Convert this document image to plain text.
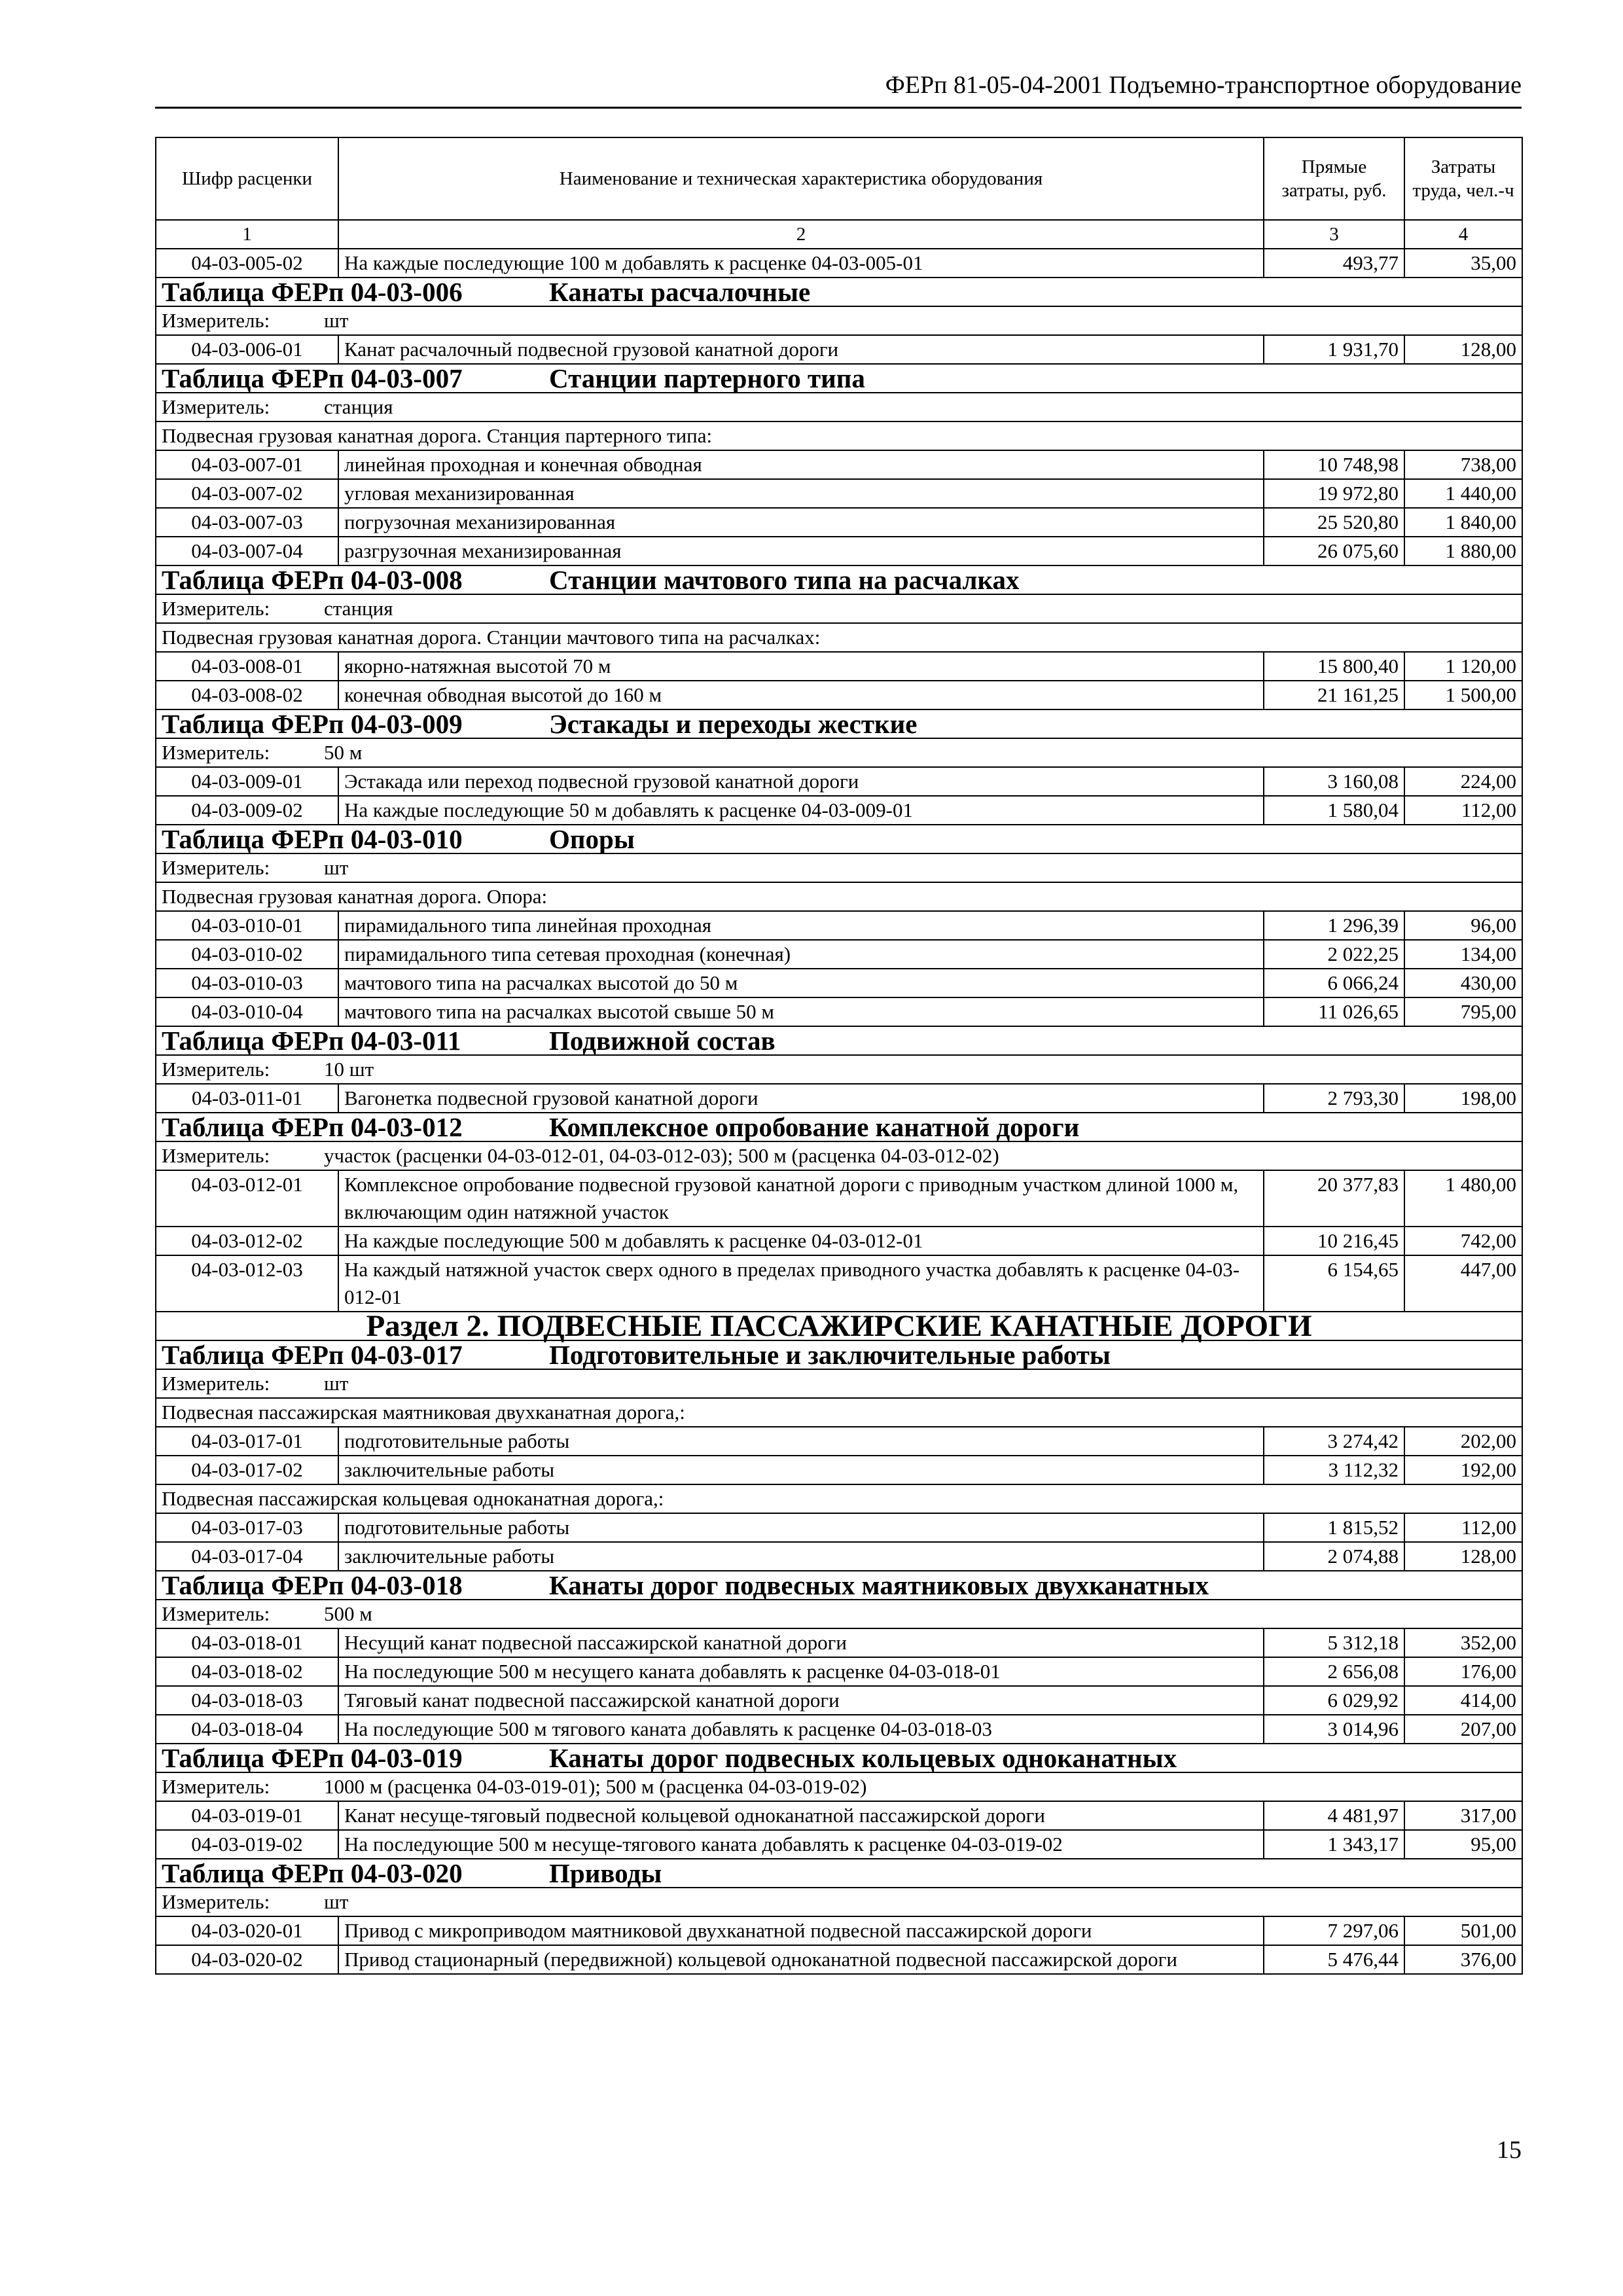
ФЕРп 81-05-04-2001 Подъемно-транспортное оборудование
Шифр расценки	Наименование и техническая характеристика оборудования	Прямые затраты, руб.	Затраты труда, чел.-ч
1	2	3	4
04-03-005-02	На каждые последующие 100 м добавлять к расценке 04-03-005-01	493,77	35,00
Таблица ФЕРп 04-03-006 Канаты расчалочные			
Измеритель: шт			
04-03-006-01	Канат расчалочный подвесной грузовой канатной дороги	1 931,70	128,00
Таблица ФЕРп 04-03-007 Станции партерного типа			
Измеритель: станция			
Подвесная грузовая канатная дорога. Станция партерного типа:			
04-03-007-01	линейная проходная и конечная обводная	10 748,98	738,00
04-03-007-02	угловая механизированная	19 972,80	1 440,00
04-03-007-03	погрузочная механизированная	25 520,80	1 840,00
04-03-007-04	разгрузочная механизированная	26 075,60	1 880,00
Таблица ФЕРп 04-03-008 Станции мачтового типа на расчалках			
Измеритель: станция			
Подвесная грузовая канатная дорога. Станции мачтового типа на расчалках:			
04-03-008-01	якорно-натяжная высотой 70 м	15 800,40	1 120,00
04-03-008-02	конечная обводная высотой до 160 м	21 161,25	1 500,00
Таблица ФЕРп 04-03-009 Эстакады и переходы жесткие			
Измеритель: 50 м			
04-03-009-01	Эстакада или переход подвесной грузовой канатной дороги	3 160,08	224,00
04-03-009-02	На каждые последующие 50 м добавлять к расценке 04-03-009-01	1 580,04	112,00
Таблица ФЕРп 04-03-010 Опоры			
Измеритель: шт			
Подвесная грузовая канатная дорога. Опора:			
04-03-010-01	пирамидального типа линейная проходная	1 296,39	96,00
04-03-010-02	пирамидального типа сетевая проходная (конечная)	2 022,25	134,00
04-03-010-03	мачтового типа на расчалках высотой до 50 м	6 066,24	430,00
04-03-010-04	мачтового типа на расчалках высотой свыше 50 м	11 026,65	795,00
Таблица ФЕРп 04-03-011 Подвижной состав			
Измеритель: 10 шт			
04-03-011-01	Вагонетка подвесной грузовой канатной дороги	2 793,30	198,00
Таблица ФЕРп 04-03-012 Комплексное опробование канатной дороги			
Измеритель: участок (расценки 04-03-012-01, 04-03-012-03); 500 м (расценка 04-03-012-02)			
04-03-012-01	Комплексное опробование подвесной грузовой канатной дороги с приводным участком длиной 1000 м, включающим один натяжной участок	20 377,83	1 480,00
04-03-012-02	На каждые последующие 500 м добавлять к расценке 04-03-012-01	10 216,45	742,00
04-03-012-03	На каждый натяжной участок сверх одного в пределах приводного участка добавлять к расценке 04-03-012-01	6 154,65	447,00
Раздел 2. ПОДВЕСНЫЕ ПАССАЖИРСКИЕ КАНАТНЫЕ ДОРОГИ			
Таблица ФЕРп 04-03-017 Подготовительные и заключительные работы			
Измеритель: шт			
Подвесная пассажирская маятниковая двухканатная дорога,:			
04-03-017-01	подготовительные работы	3 274,42	202,00
04-03-017-02	заключительные работы	3 112,32	192,00
Подвесная пассажирская кольцевая одноканатная дорога,:			
04-03-017-03	подготовительные работы	1 815,52	112,00
04-03-017-04	заключительные работы	2 074,88	128,00
Таблица ФЕРп 04-03-018 Канаты дорог подвесных маятниковых двухканатных			
Измеритель: 500 м			
04-03-018-01	Несущий канат подвесной пассажирской канатной дороги	5 312,18	352,00
04-03-018-02	На последующие 500 м несущего каната добавлять к расценке 04-03-018-01	2 656,08	176,00
04-03-018-03	Тяговый канат подвесной пассажирской канатной дороги	6 029,92	414,00
04-03-018-04	На последующие 500 м тягового каната добавлять к расценке 04-03-018-03	3 014,96	207,00
Таблица ФЕРп 04-03-019 Канаты дорог подвесных кольцевых одноканатных			
Измеритель: 1000 м (расценка 04-03-019-01); 500 м (расценка 04-03-019-02)			
04-03-019-01	Канат несуще-тяговый подвесной кольцевой одноканатной пассажирской дороги	4 481,97	317,00
04-03-019-02	На последующие 500 м несуще-тягового каната добавлять к расценке 04-03-019-02	1 343,17	95,00
Таблица ФЕРп 04-03-020 Приводы			
Измеритель: шт			
04-03-020-01	Привод с микроприводом маятниковой двухканатной подвесной пассажирской дороги	7 297,06	501,00
04-03-020-02	Привод стационарный (передвижной) кольцевой одноканатной подвесной пассажирской дороги	5 476,44	376,00
15
